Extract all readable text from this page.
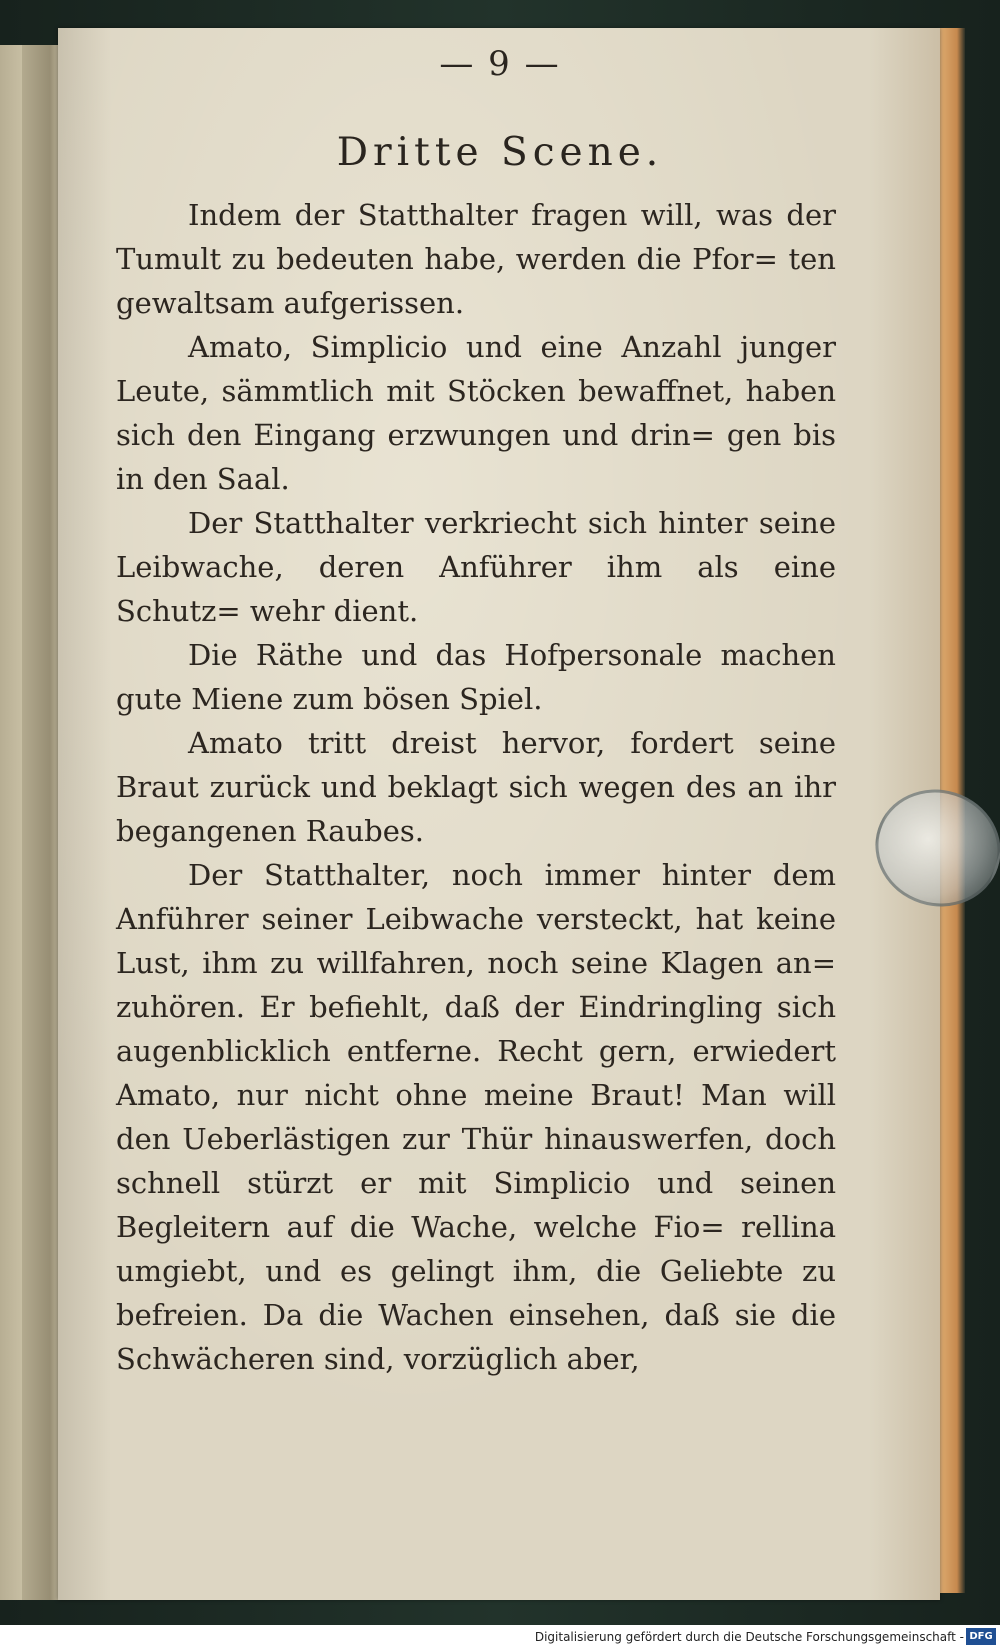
— 9 —
Dritte Scene.

Indem der Statthalter fragen will, was der Tumult zu bedeuten habe, werden die Pfor= ten gewaltsam aufgerissen.

Amato, Simplicio und eine Anzahl junger Leute, sämmtlich mit Stöcken bewaffnet, haben sich den Eingang erzwungen und drin= gen bis in den Saal.

Der Statthalter verkriecht sich hinter seine Leibwache, deren Anführer ihm als eine Schutz= wehr dient.

Die Räthe und das Hofpersonale machen gute Miene zum bösen Spiel.

Amato tritt dreist hervor, fordert seine Braut zurück und beklagt sich wegen des an ihr begangenen Raubes.

Der Statthalter, noch immer hinter dem Anführer seiner Leibwache versteckt, hat keine Lust, ihm zu willfahren, noch seine Klagen an= zuhören. Er befiehlt, daß der Eindringling sich augenblicklich entferne. Recht gern, erwiedert Amato, nur nicht ohne meine Braut! Man will den Ueberlästigen zur Thür hinauswerfen, doch schnell stürzt er mit Simplicio und seinen Begleitern auf die Wache, welche Fio= rellina umgiebt, und es gelingt ihm, die Geliebte zu befreien. Da die Wachen einsehen, daß sie die Schwächeren sind, vorzüglich aber,

Digitalisierung gefördert durch die Deutsche Forschungsgemeinschaft - DFG
